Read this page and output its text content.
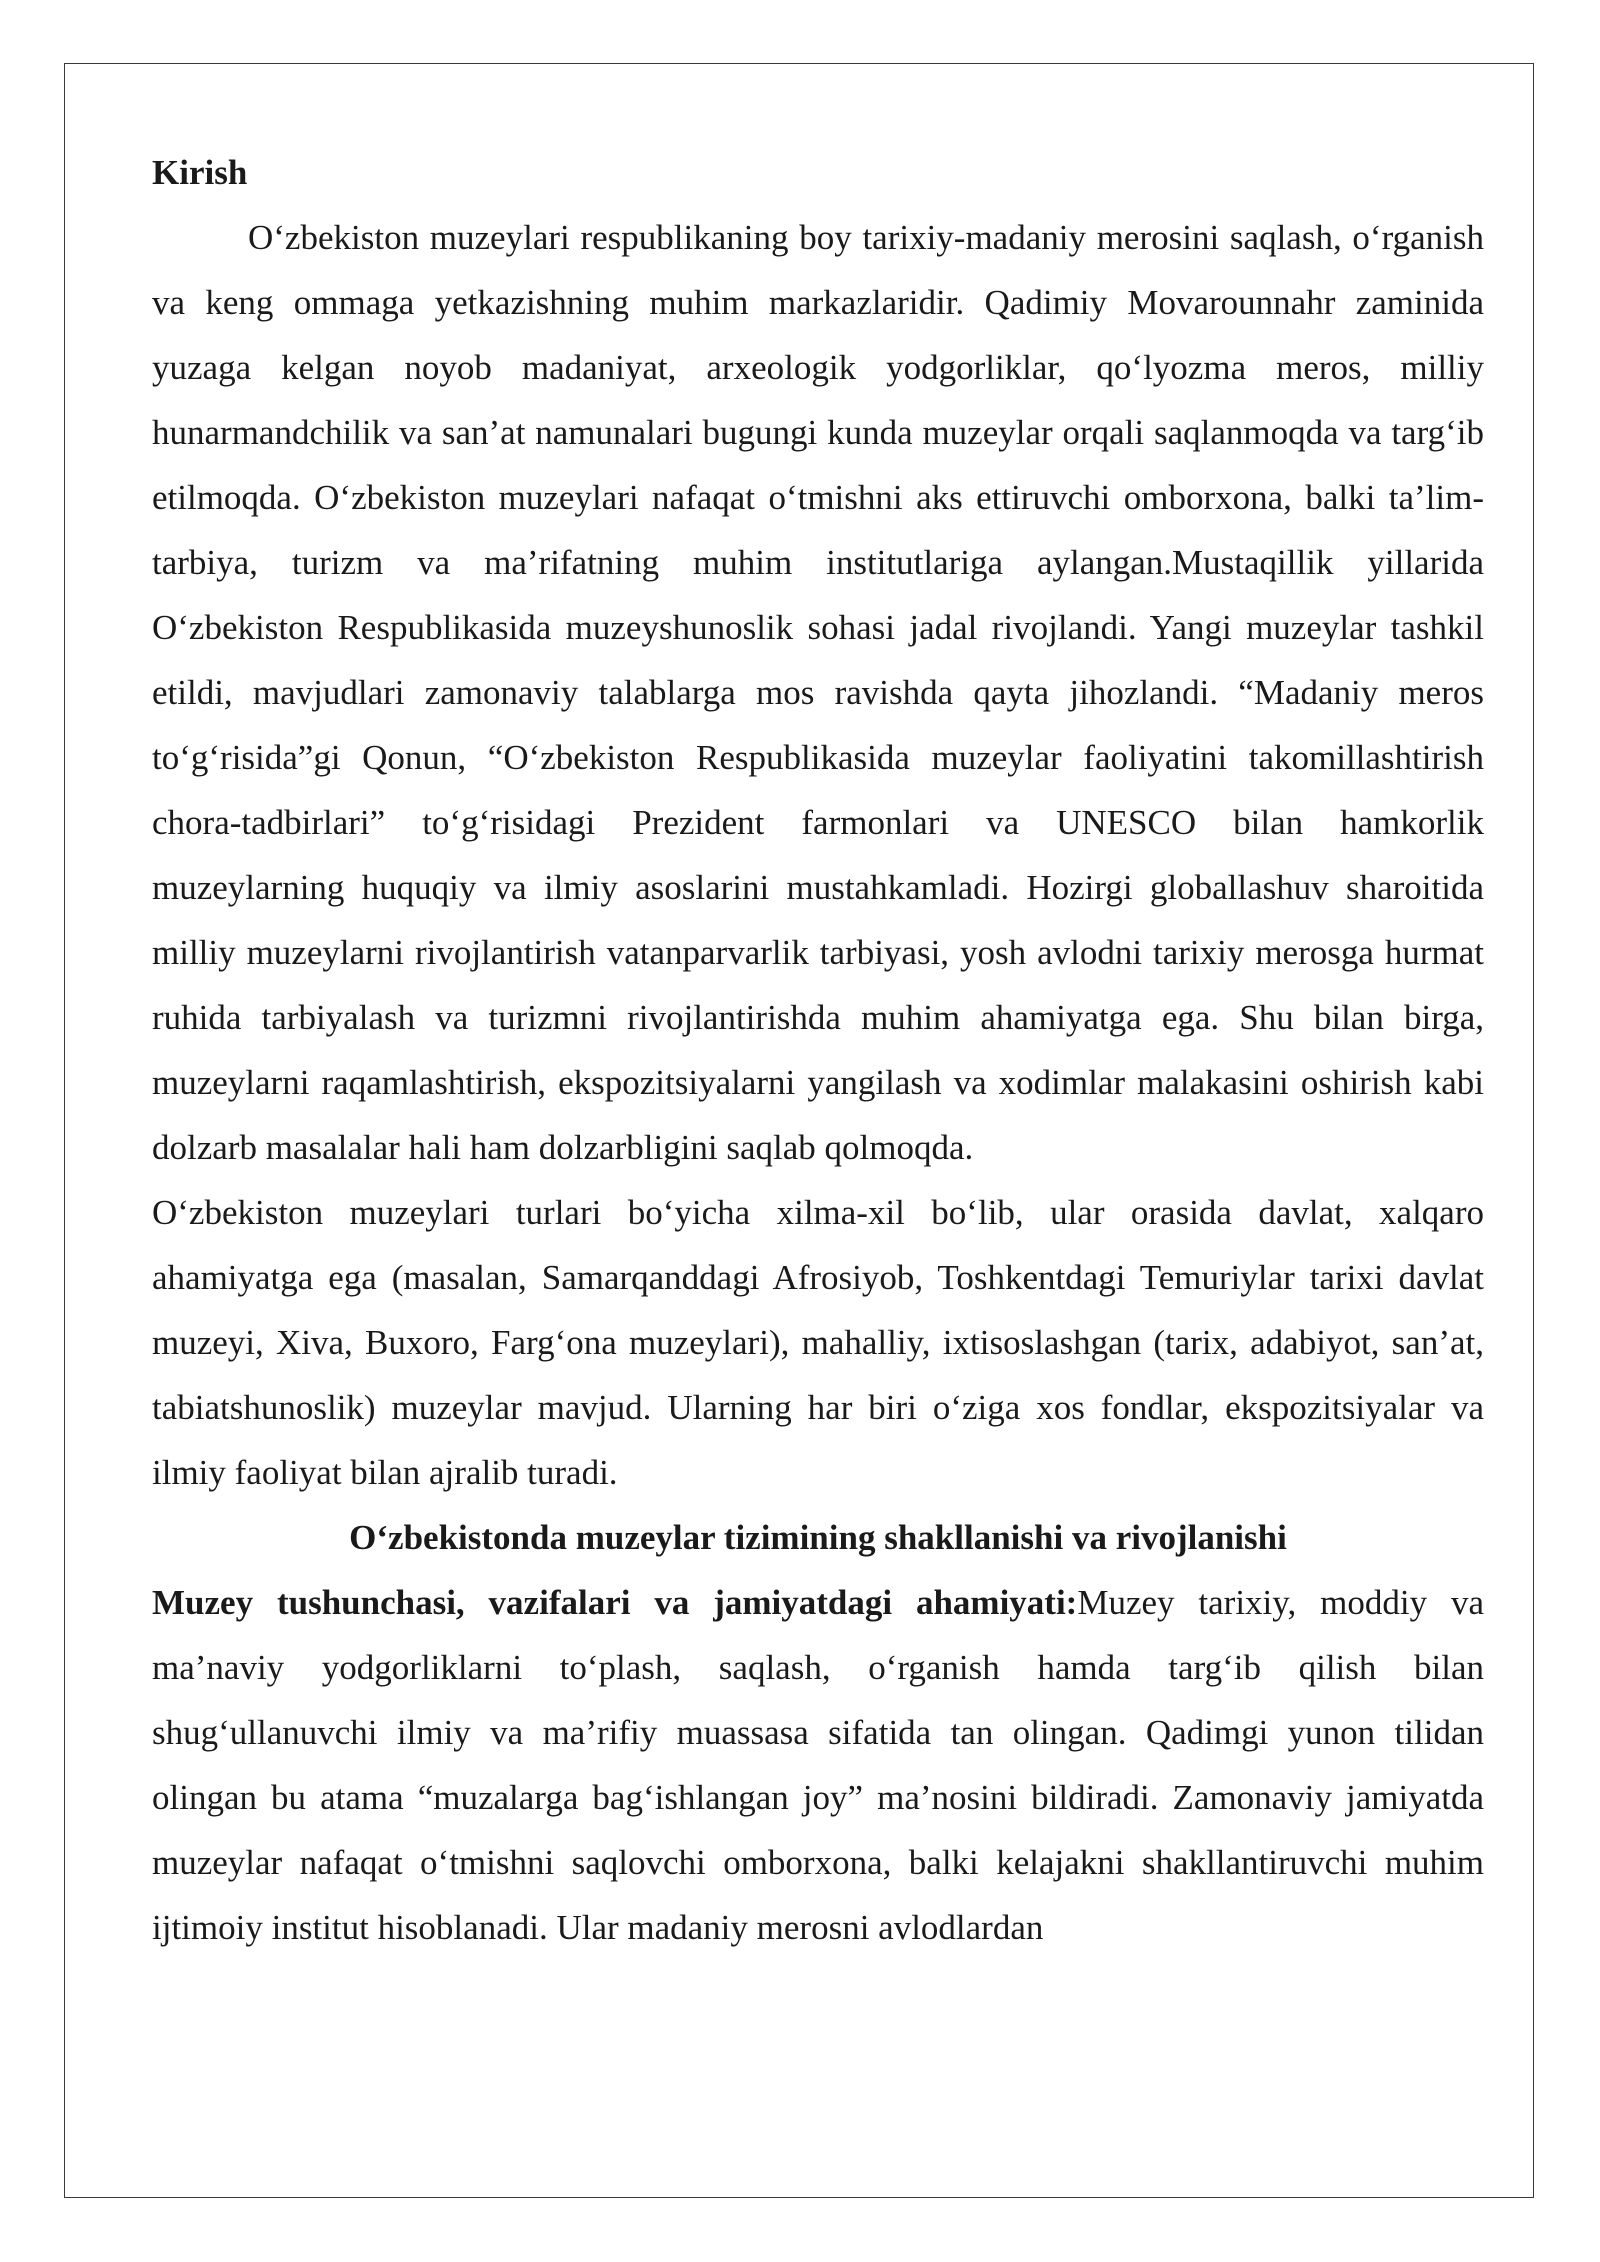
Kirish

O‘zbekiston muzeylari respublikaning boy tarixiy-madaniy merosini saqlash, o‘rganish va keng ommaga yetkazishning muhim markazlaridir. Qadimiy Movarounnahr zaminida yuzaga kelgan noyob madaniyat, arxeologik yodgorliklar, qo‘lyozma meros, milliy hunarmandchilik va san’at namunalari bugungi kunda muzeylar orqali saqlanmoqda va targ‘ib etilmoqda. O‘zbekiston muzeylari nafaqat o‘tmishni aks ettiruvchi omborxona, balki ta’lim-tarbiya, turizm va ma’rifatning muhim institutlariga aylangan.Mustaqillik yillarida O‘zbekiston Respublikasida muzeyshunoslik sohasi jadal rivojlandi. Yangi muzeylar tashkil etildi, mavjudlari zamonaviy talablarga mos ravishda qayta jihozlandi. “Madaniy meros to‘g‘risida”gi Qonun, “O‘zbekiston Respublikasida muzeylar faoliyatini takomillashtirish chora-tadbirlari” to‘g‘risidagi Prezident farmonlari va UNESCO bilan hamkorlik muzeylarning huquqiy va ilmiy asoslarini mustahkamladi. Hozirgi globallashuv sharoitida milliy muzeylarni rivojlantirish vatanparvarlik tarbiyasi, yosh avlodni tarixiy merosga hurmat ruhida tarbiyalash va turizmni rivojlantirishda muhim ahamiyatga ega. Shu bilan birga, muzeylarni raqamlashtirish, ekspozitsiyalarni yangilash va xodimlar malakasini oshirish kabi dolzarb masalalar hali ham dolzarbligini saqlab qolmoqda.

O‘zbekiston muzeylari turlari bo‘yicha xilma-xil bo‘lib, ular orasida davlat, xalqaro ahamiyatga ega (masalan, Samarqanddagi Afrosiyob, Toshkentdagi Temuriylar tarixi davlat muzeyi, Xiva, Buxoro, Farg‘ona muzeylari), mahalliy, ixtisoslashgan (tarix, adabiyot, san’at, tabiatshunoslik) muzeylar mavjud. Ularning har biri o‘ziga xos fondlar, ekspozitsiyalar va ilmiy faoliyat bilan ajralib turadi.

O‘zbekistonda muzeylar tizimining shakllanishi va rivojlanishi

Muzey tushunchasi, vazifalari va jamiyatdagi ahamiyati:Muzey tarixiy, moddiy va ma’naviy yodgorliklarni to‘plash, saqlash, o‘rganish hamda targ‘ib qilish bilan shug‘ullanuvchi ilmiy va ma’rifiy muassasa sifatida tan olingan. Qadimgi yunon tilidan olingan bu atama “muzalarga bag‘ishlangan joy” ma’nosini bildiradi. Zamonaviy jamiyatda muzeylar nafaqat o‘tmishni saqlovchi omborxona, balki kelajakni shakllantiruvchi muhim ijtimoiy institut hisoblanadi. Ular madaniy merosni avlodlardan
